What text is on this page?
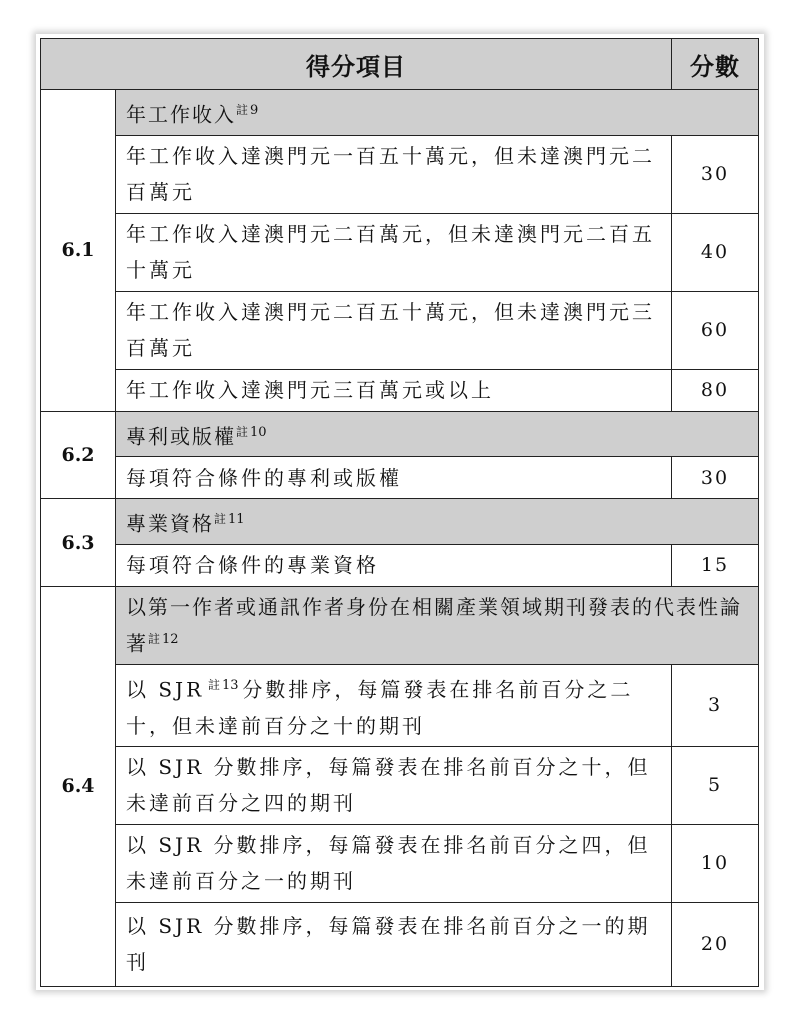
得分項目		分數
6.1	年工作收入$^{註 9}$
	年工作收入達澳門元一百五十萬元，但未達澳門元二百萬元	30
	年工作收入達澳門元二百萬元，但未達澳門元二百五十萬元	40
	年工作收入達澳門元二百五十萬元，但未達澳門元三百萬元	60
	年工作收入達澳門元三百萬元或以上	80
6.2	專利或版權$^{註 10}$
	每項符合條件的專利或版權	30
6.3	專業資格$^{註 11}$
	每項符合條件的專業資格	15
6.4	以第一作者或通訊作者身份在相關產業領域期刊發表的代表性論著$^{註 12}$
	以 SJR $^{註 13}$ 分數排序，每篇發表在排名前百分之二十，但未達前百分之十的期刊	3
	以 SJR 分數排序，每篇發表在排名前百分之十，但未達前百分之四的期刊	5
	以 SJR 分數排序，每篇發表在排名前百分之四，但未達前百分之一的期刊	10
	以 SJR 分數排序，每篇發表在排名前百分之一的期刊	20
